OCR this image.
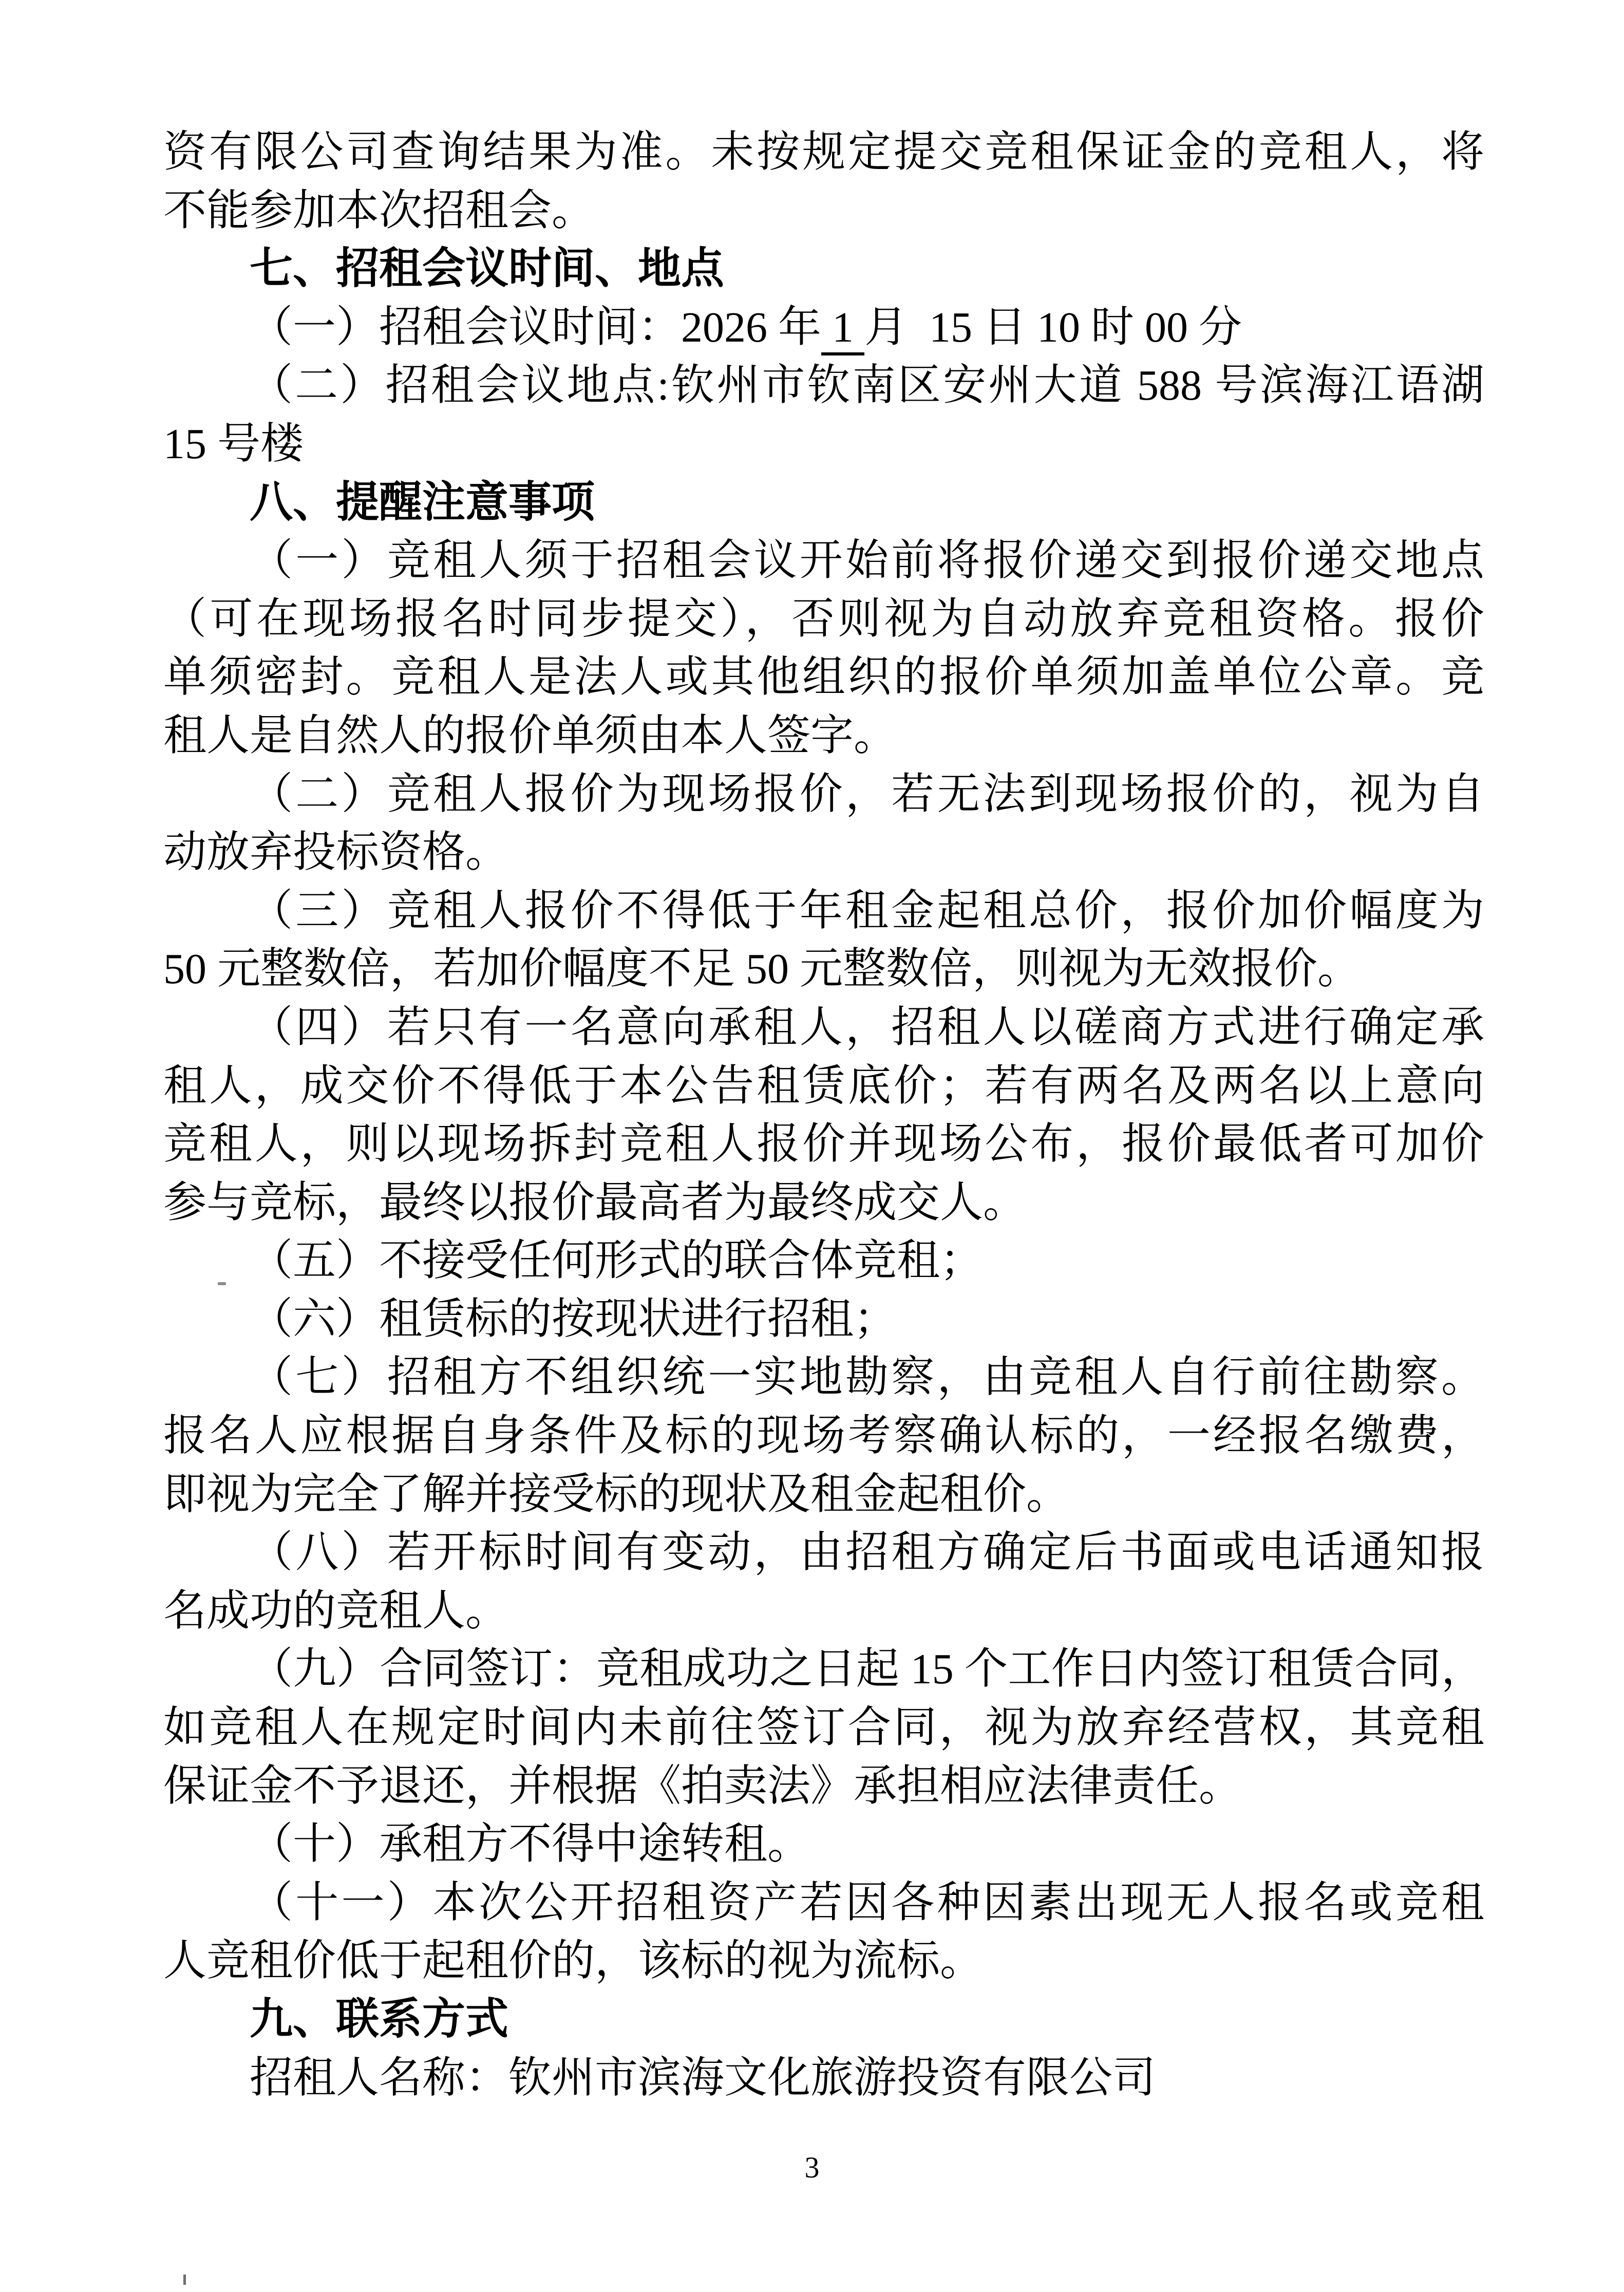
资有限公司查询结果为准。未按规定提交竞租保证金的竞租人，将
不能参加本次招租会。
七、招租会议时间、地点
（一）招租会议时间：2026 年 1 月  15 日 10 时 00 分
（二）招租会议地点:钦州市钦南区安州大道 588 号滨海江语湖
15 号楼
八、提醒注意事项
（一）竞租人须于招租会议开始前将报价递交到报价递交地点
（可在现场报名时同步提交），否则视为自动放弃竞租资格。报价
单须密封。竞租人是法人或其他组织的报价单须加盖单位公章。竞
租人是自然人的报价单须由本人签字。
（二）竞租人报价为现场报价，若无法到现场报价的，视为自
动放弃投标资格。
（三）竞租人报价不得低于年租金起租总价，报价加价幅度为
50 元整数倍，若加价幅度不足 50 元整数倍，则视为无效报价。
（四）若只有一名意向承租人，招租人以磋商方式进行确定承
租人，成交价不得低于本公告租赁底价；若有两名及两名以上意向
竞租人，则以现场拆封竞租人报价并现场公布，报价最低者可加价
参与竞标，最终以报价最高者为最终成交人。
（五）不接受任何形式的联合体竞租；
（六）租赁标的按现状进行招租；
（七）招租方不组织统一实地勘察，由竞租人自行前往勘察。
报名人应根据自身条件及标的现场考察确认标的，一经报名缴费，
即视为完全了解并接受标的现状及租金起租价。
（八）若开标时间有变动，由招租方确定后书面或电话通知报
名成功的竞租人。
（九）合同签订：竞租成功之日起 15 个工作日内签订租赁合同，
如竞租人在规定时间内未前往签订合同，视为放弃经营权，其竞租
保证金不予退还，并根据《拍卖法》承担相应法律责任。
（十）承租方不得中途转租。
（十一）本次公开招租资产若因各种因素出现无人报名或竞租
人竞租价低于起租价的，该标的视为流标。
九、联系方式
招租人名称：钦州市滨海文化旅游投资有限公司
3
